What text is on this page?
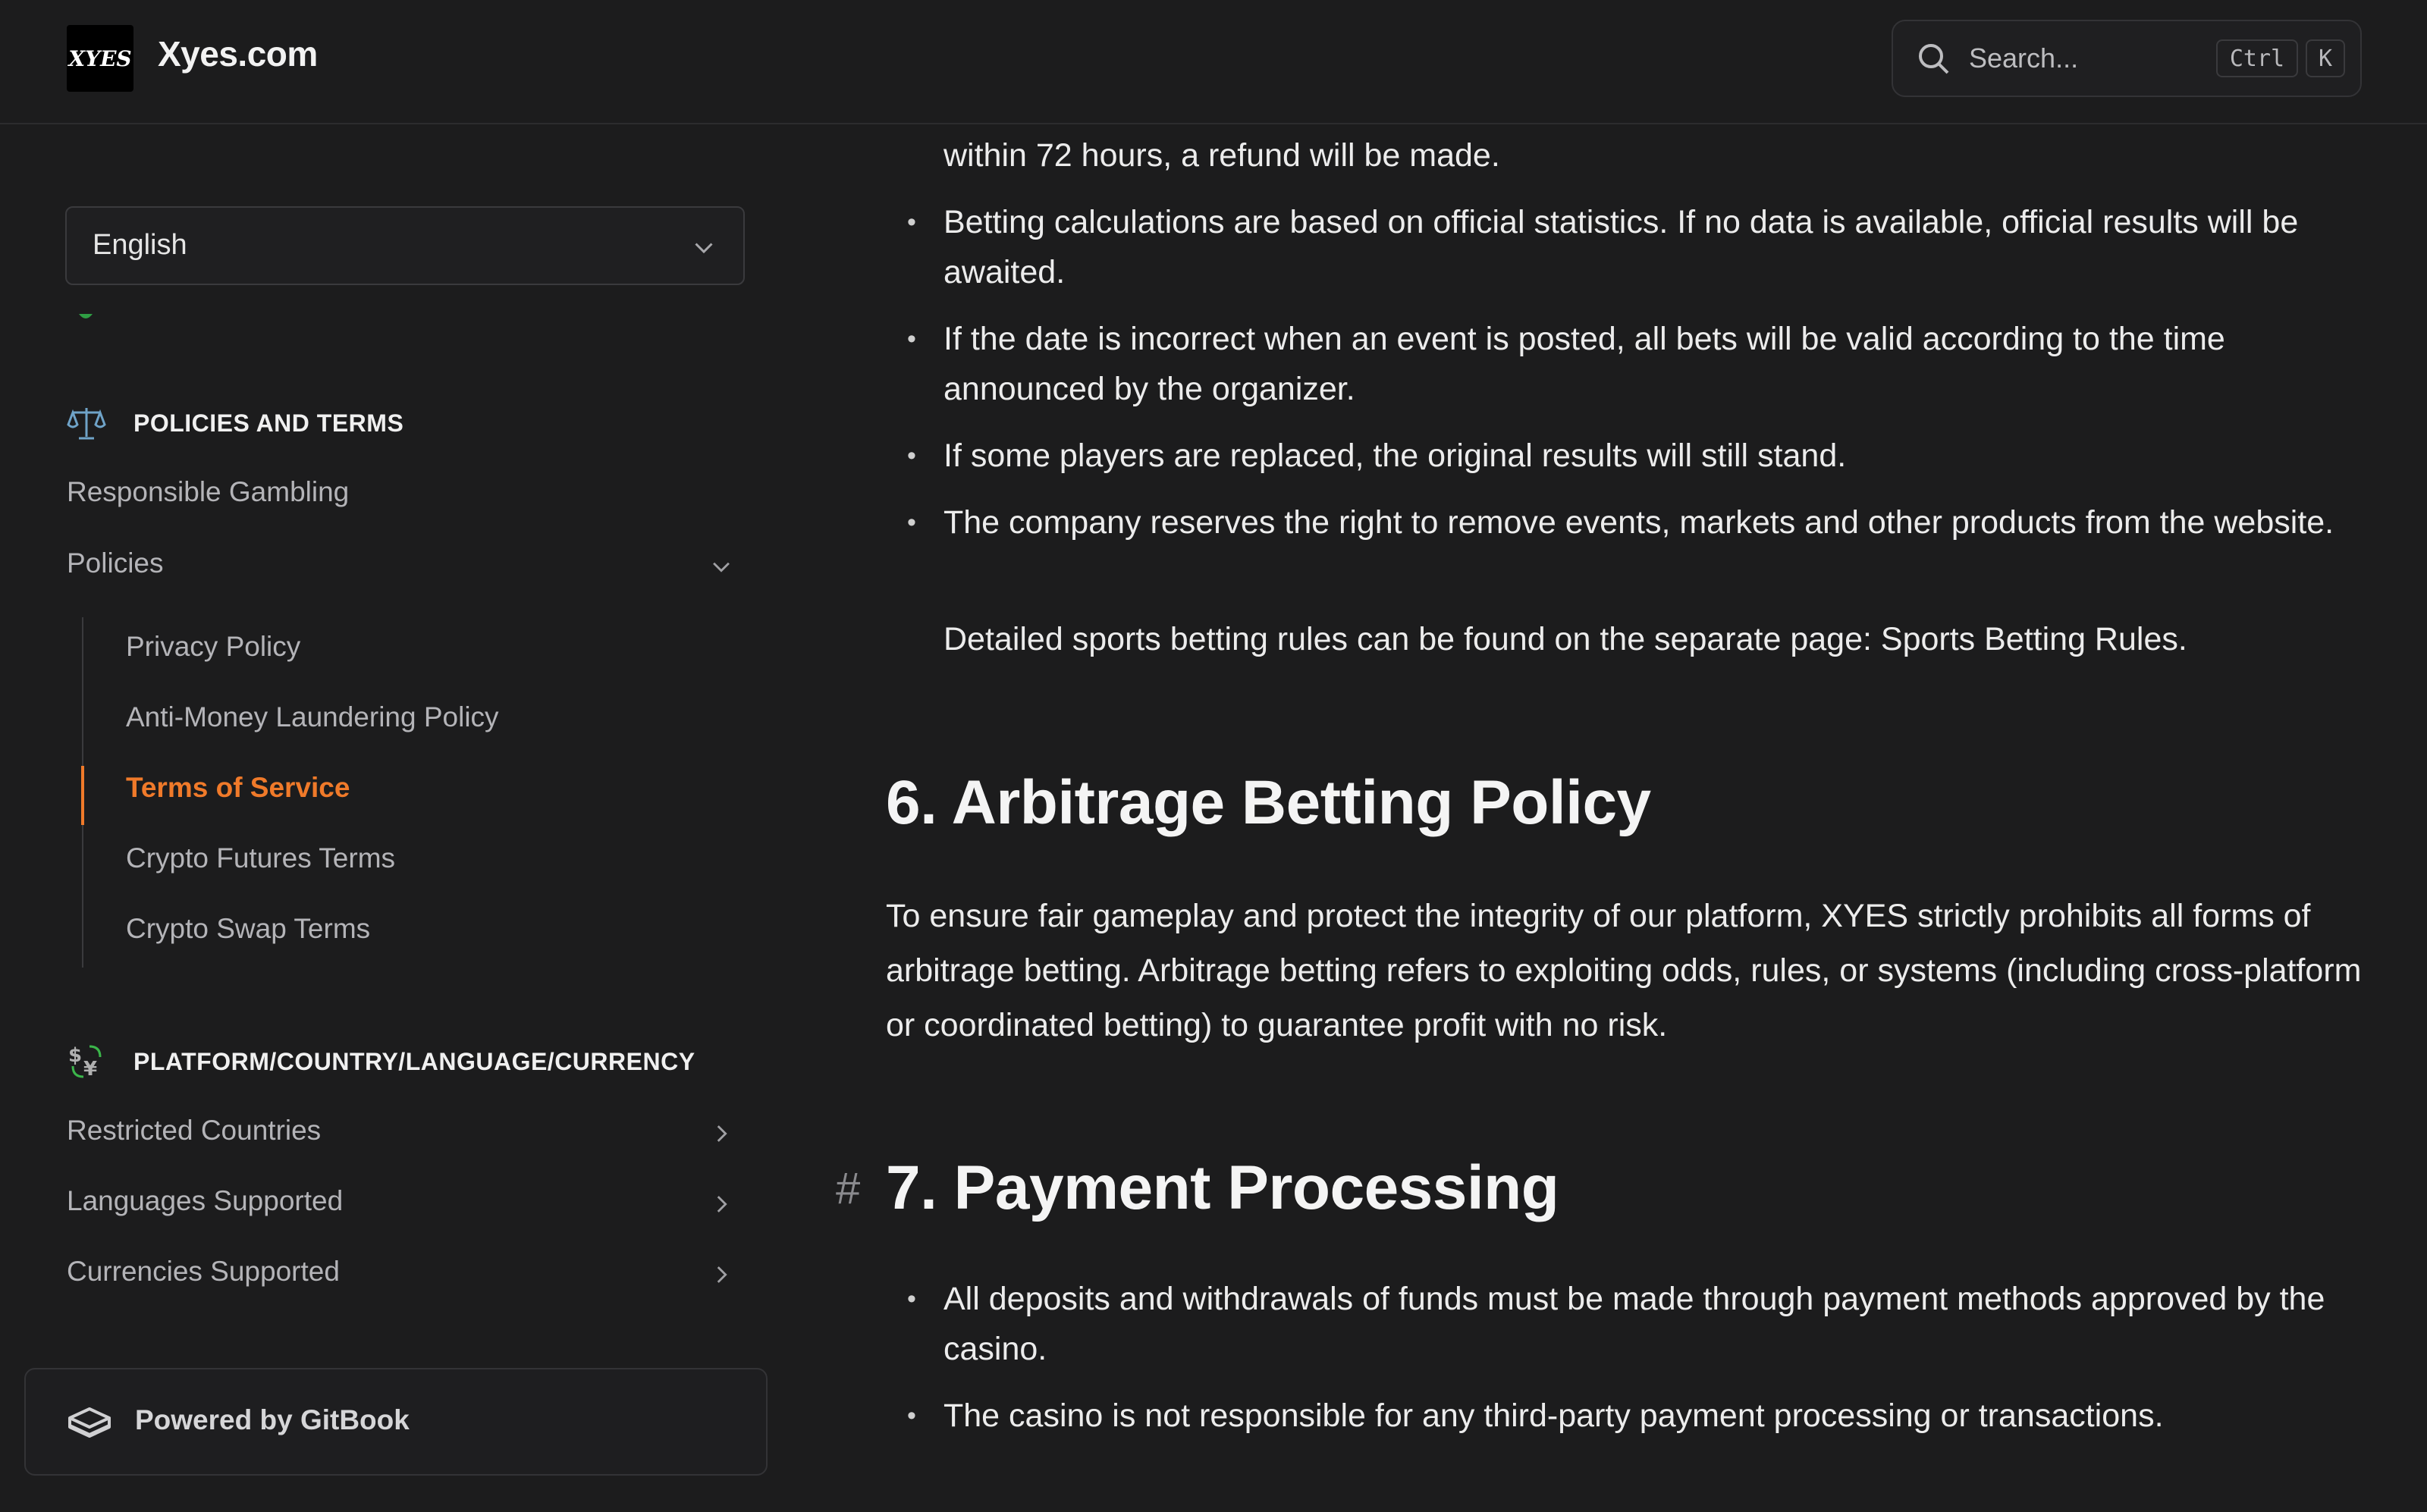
XYES Xyes.com	Search...	Ctrl	K
English
POLICIES AND TERMS
Responsible Gambling
Policies
Privacy Policy
Anti-Money Laundering Policy
Terms of Service
Crypto Futures Terms
Crypto Swap Terms
$
¥ PLATFORM/COUNTRY/LANGUAGE/CURRENCY
Restricted Countries
Languages Supported
Currencies Supported
Powered by GitBook
within 72 hours, a refund will be made.
• Betting calculations are based on official statistics. If no data is available, official results will be awaited.
• If the date is incorrect when an event is posted, all bets will be valid according to the time announced by the organizer.
• If some players are replaced, the original results will still stand.
• The company reserves the right to remove events, markets and other products from the website.
Detailed sports betting rules can be found on the separate page: Sports Betting Rules.
6. Arbitrage Betting Policy
To ensure fair gameplay and protect the integrity of our platform, XYES strictly prohibits all forms of arbitrage betting. Arbitrage betting refers to exploiting odds, rules, or systems (including cross-platform or coordinated betting) to guarantee profit with no risk.
7. Payment Processing
• All deposits and withdrawals of funds must be made through payment methods approved by the casino.
• The casino is not responsible for any third-party payment processing or transactions.
#
